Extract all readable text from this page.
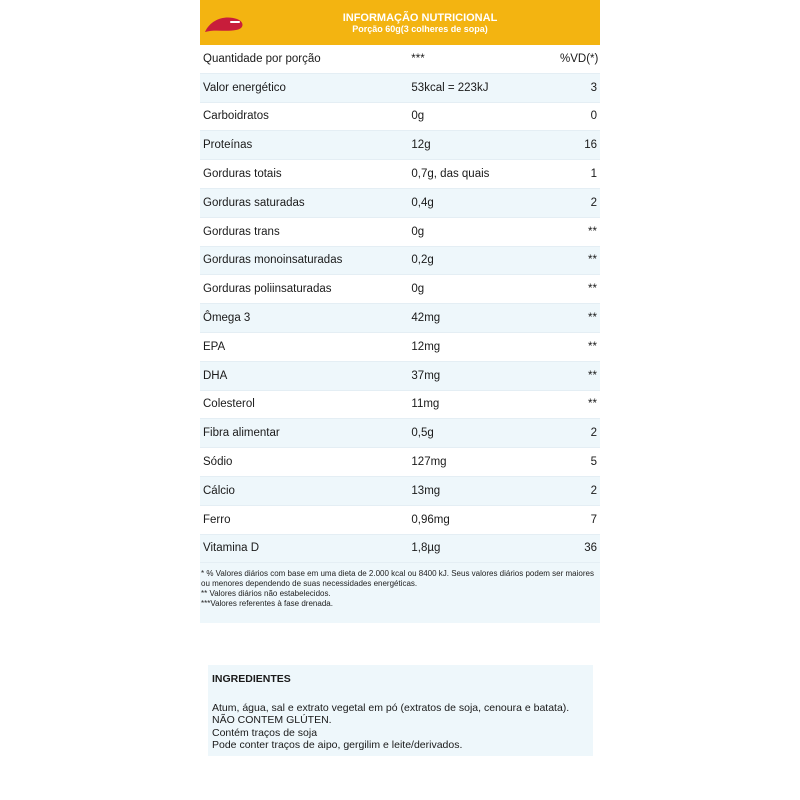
INFORMAÇÃO NUTRICIONAL
Porção 60g(3 colheres de sopa)
Quantidade por porção	***	%VD(*)
Valor energético	53kcal = 223kJ	3
Carboidratos	0g	0
Proteínas	12g	16
Gorduras totais	0,7g, das quais	1
Gorduras saturadas	0,4g	2
Gorduras trans	0g	**
Gorduras monoinsaturadas	0,2g	**
Gorduras poliinsaturadas	0g	**
Ômega 3	42mg	**
EPA	12mg	**
DHA	37mg	**
Colesterol	11mg	**
Fibra alimentar	0,5g	2
Sódio	127mg	5
Cálcio	13mg	2
Ferro	0,96mg	7
Vitamina D	1,8µg	36

* % Valores diários com base em uma dieta de 2.000 kcal ou 8400 kJ. Seus valores diários podem ser maiores ou menores dependendo de suas necessidades energéticas.

** Valores diários não estabelecidos.

***Valores referentes à fase drenada.

INGREDIENTES

Atum, água, sal e extrato vegetal em pó (extratos de soja, cenoura e batata).

NÃO CONTEM GLÚTEN.

Contém traços de soja

Pode conter traços de aipo, gergilim e leite/derivados.
